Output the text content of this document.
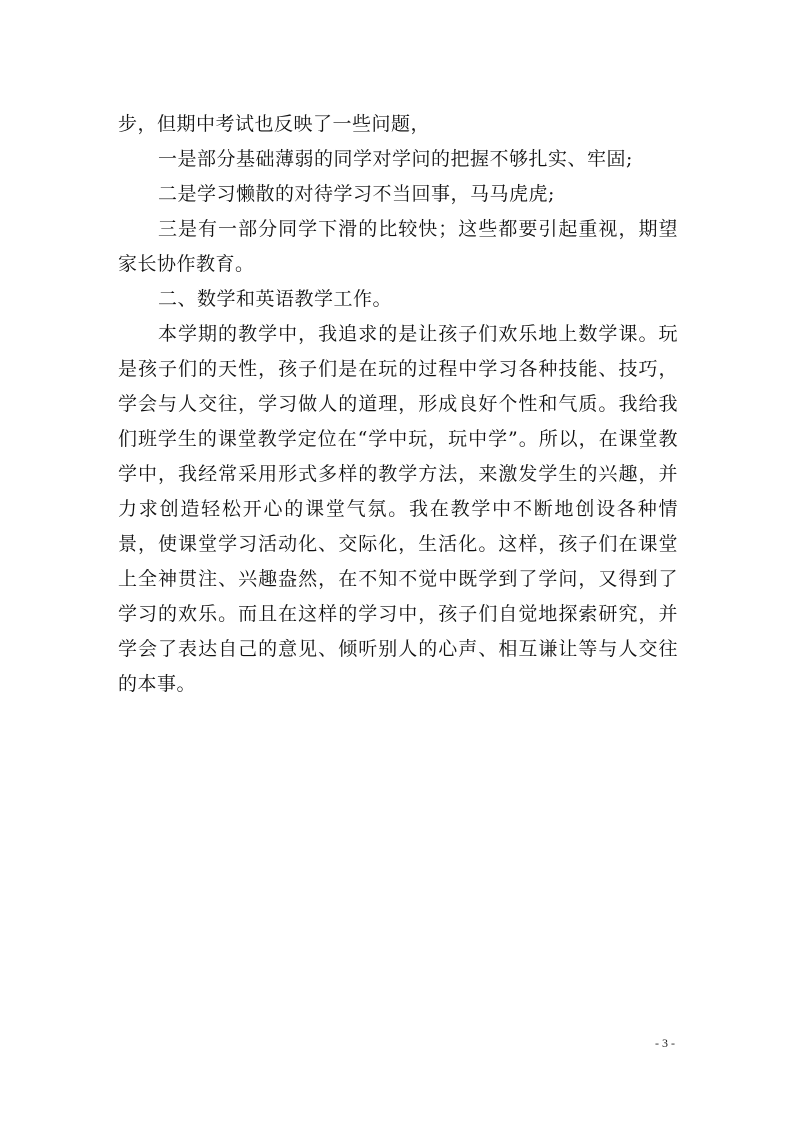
步，但期中考试也反映了一些问题，

一是部分基础薄弱的同学对学问的把握不够扎实、牢固;

二是学习懒散的对待学习不当回事，马马虎虎;

三是有一部分同学下滑的比较快；这些都要引起重视，期望家长协作教育。

二、数学和英语教学工作。

本学期的教学中，我追求的是让孩子们欢乐地上数学课。玩是孩子们的天性，孩子们是在玩的过程中学习各种技能、技巧，学会与人交往，学习做人的道理，形成良好个性和气质。我给我们班学生的课堂教学定位在“学中玩，玩中学”。所以，在课堂教学中，我经常采用形式多样的教学方法，来激发学生的兴趣，并力求创造轻松开心的课堂气氛。我在教学中不断地创设各种情景，使课堂学习活动化、交际化，生活化。这样，孩子们在课堂上全神贯注、兴趣盎然，在不知不觉中既学到了学问，又得到了学习的欢乐。而且在这样的学习中，孩子们自觉地探索研究，并学会了表达自己的意见、倾听别人的心声、相互谦让等与人交往的本事。

- 3 -
